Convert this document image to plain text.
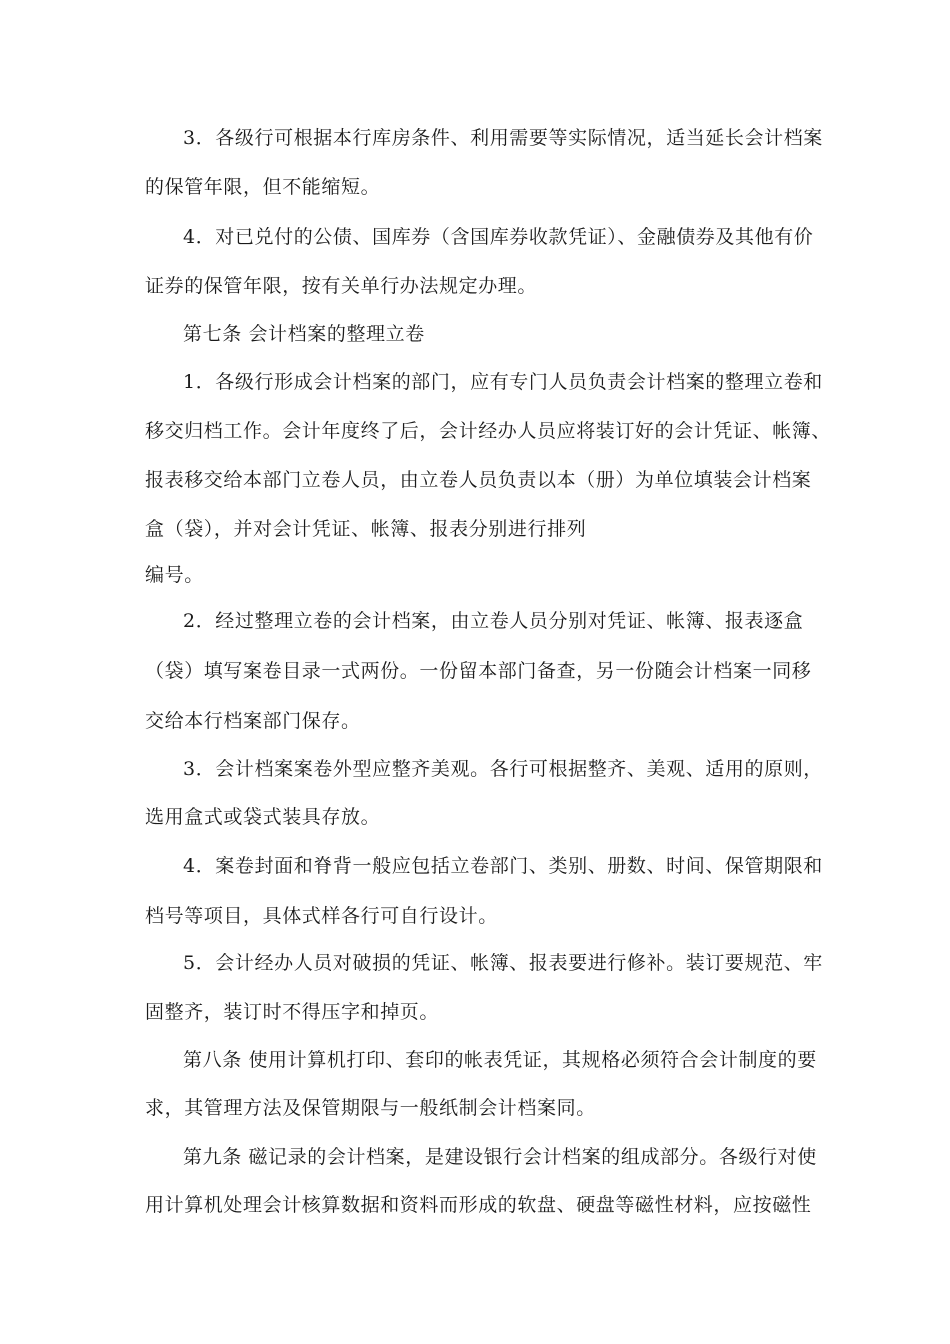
3．各级行可根据本行库房条件、利用需要等实际情况，适当延长会计档案
的保管年限，但不能缩短。
4．对已兑付的公债、国库券（含国库券收款凭证）、金融债券及其他有价
证券的保管年限，按有关单行办法规定办理。
第七条 会计档案的整理立卷
1．各级行形成会计档案的部门，应有专门人员负责会计档案的整理立卷和
移交归档工作。会计年度终了后，会计经办人员应将装订好的会计凭证、帐簿、
报表移交给本部门立卷人员，由立卷人员负责以本（册）为单位填装会计档案
盒（袋），并对会计凭证、帐簿、报表分别进行排列
编号。
2．经过整理立卷的会计档案，由立卷人员分别对凭证、帐簿、报表逐盒
（袋）填写案卷目录一式两份。一份留本部门备查，另一份随会计档案一同移
交给本行档案部门保存。
3．会计档案案卷外型应整齐美观。各行可根据整齐、美观、适用的原则，
选用盒式或袋式装具存放。
4．案卷封面和脊背一般应包括立卷部门、类别、册数、时间、保管期限和
档号等项目，具体式样各行可自行设计。
5．会计经办人员对破损的凭证、帐簿、报表要进行修补。装订要规范、牢
固整齐，装订时不得压字和掉页。
第八条 使用计算机打印、套印的帐表凭证，其规格必须符合会计制度的要
求，其管理方法及保管期限与一般纸制会计档案同。
第九条 磁记录的会计档案，是建设银行会计档案的组成部分。各级行对使
用计算机处理会计核算数据和资料而形成的软盘、硬盘等磁性材料，应按磁性
